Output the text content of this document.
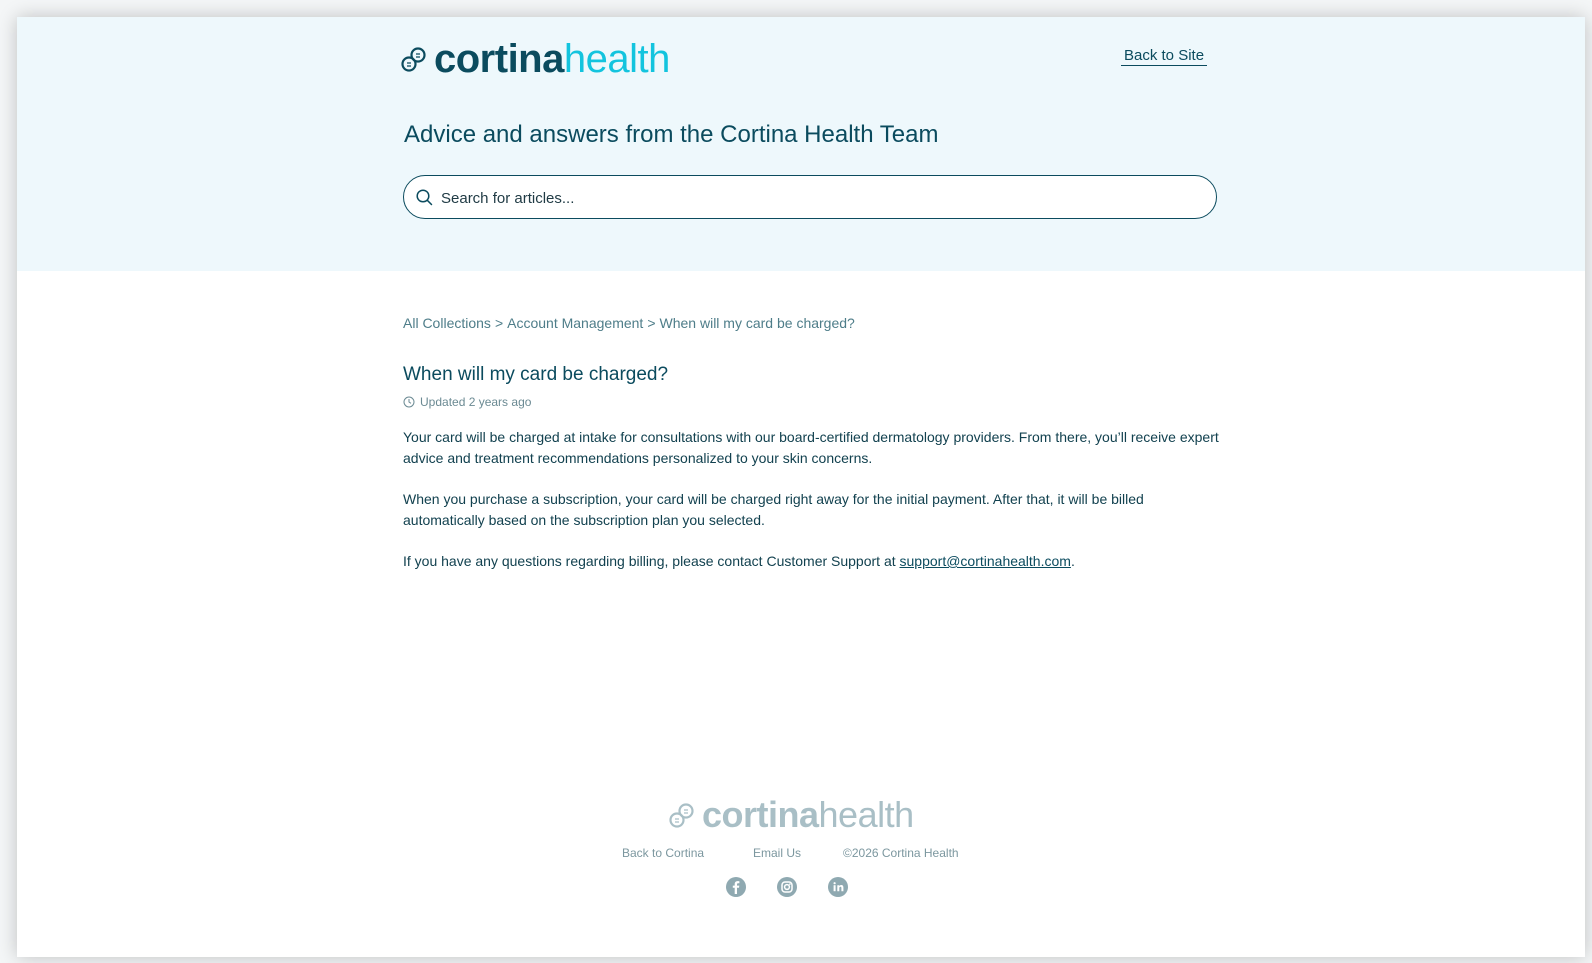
cortina health	Back to Site
Advice and answers from the Cortina Health Team
Search for articles...
All Collections > Account Management > When will my card be charged?
When will my card be charged?
Updated 2 years ago

Your card will be charged at intake for consultations with our board-certified dermatology providers. From there, you’ll receive expert advice and treatment recommendations personalized to your skin concerns.

When you purchase a subscription, your card will be charged right away for the initial payment. After that, it will be billed automatically based on the subscription plan you selected.

If you have any questions regarding billing, please contact Customer Support at support@cortinahealth.com.

cortina health
Back to Cortina	Email Us	©2026 Cortina Health
